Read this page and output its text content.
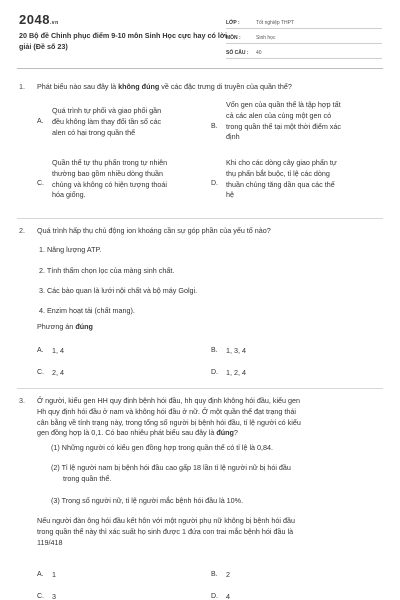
2048.vn
20 Bộ đề Chinh phục điểm 9-10 môn Sinh Học cực hay có lời giải (Đề số 23)
LỚP :	Tốt nghiệp THPT
MÔN :	Sinh học
SỐ CÂU :	40
1. Phát biểu nào sau đây là không đúng về các đặc trưng di truyền của quần thể?
A.
Quá trình tự phối và giao phối gần
đều không làm thay đổi tần số các
alen có hại trong quần thể
B.
Vốn gen của quần thể là tập hợp tất
cả các alen của cùng một gen có
trong quần thể tại một thời điểm xác
định
C.
Quần thể tự thụ phấn trong tự nhiên
thường bao gồm nhiều dòng thuần
chủng và không có hiện tượng thoái
hóa giống.
D.
Khi cho các dòng cây giao phấn tự
thụ phấn bắt buộc, tỉ lệ các dòng
thuần chủng tăng dần qua các thế
hệ
2. Quá trình hấp thụ chủ động ion khoáng cần sự góp phần của yếu tố nào?
1. Năng lượng ATP.
2. Tính thấm chọn lọc của màng sinh chất.
3. Các bào quan là lưới nội chất và bộ máy Golgi.
4. Enzim hoạt tải (chất mang).
Phương án đúng
A. 1, 4	B. 1, 3, 4
C. 2, 4	D. 1, 2, 4
3. Ở người, kiểu gen HH quy định bệnh hói đầu, hh quy định không hói đầu, kiểu gen
Hh quy định hói đầu ở nam và không hói đầu ở nữ. Ở một quần thể đạt trạng thái
cân bằng về tính trạng này, trong tổng số người bị bệnh hói đầu, tỉ lệ người có kiểu
gen đồng hợp là 0,1. Có bao nhiêu phát biểu sau đây là đúng?
(1) Những người có kiểu gen đồng hợp trong quần thể có tỉ lệ là 0,84.
(2) Tỉ lệ người nam bị bệnh hói đầu cao gấp 18 lần tỉ lệ người nữ bị hói đầu
trong quần thể.
(3) Trong số người nữ, tỉ lệ người mắc bệnh hói đầu là 10%.
Nếu người đàn ông hói đầu kết hôn với một người phụ nữ không bị bệnh hói đầu
trong quần thể này thì xác suất họ sinh được 1 đứa con trai mắc bệnh hói đầu là
119/418
A. 1	B. 2
C. 3	D. 4
